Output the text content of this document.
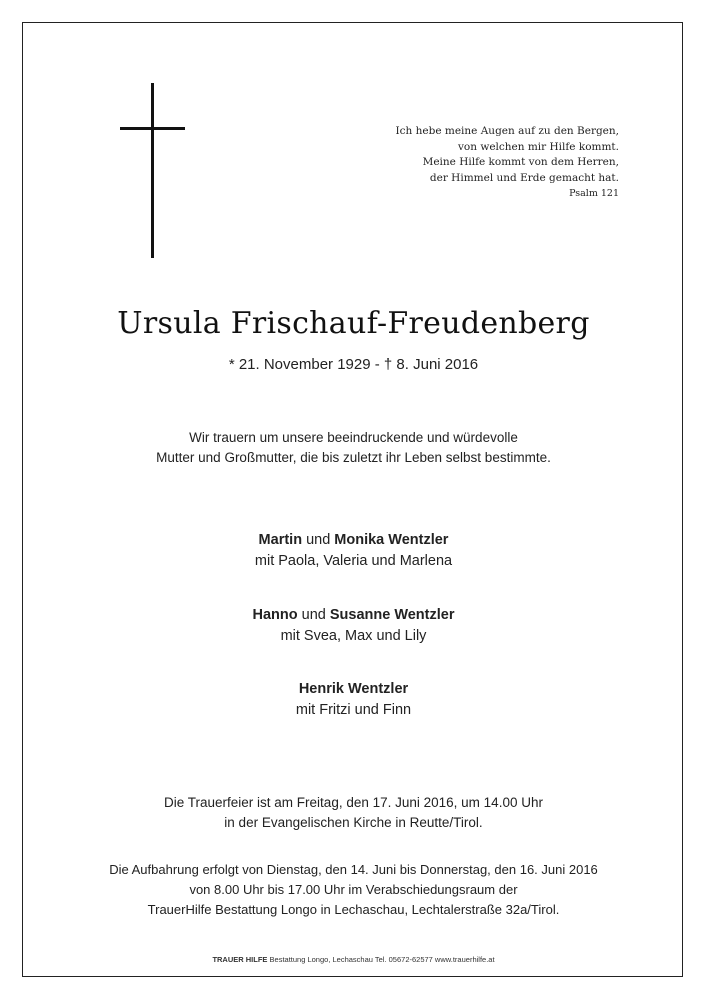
Ich hebe meine Augen auf zu den Bergen,
von welchen mir Hilfe kommt.
Meine Hilfe kommt von dem Herren,
der Himmel und Erde gemacht hat.
Psalm 121
Ursula Frischauf-Freudenberg
* 21. November 1929 - † 8. Juni 2016
Wir trauern um unsere beeindruckende und würdevolle
Mutter und Großmutter, die bis zuletzt ihr Leben selbst bestimmte.
Martin und Monika Wentzler
mit Paola, Valeria und Marlena
Hanno und Susanne Wentzler
mit Svea, Max und Lily
Henrik Wentzler
mit Fritzi und Finn
Die Trauerfeier ist am Freitag, den 17. Juni 2016, um 14.00 Uhr
in der Evangelischen Kirche in Reutte/Tirol.
Die Aufbahrung erfolgt von Dienstag, den 14. Juni bis Donnerstag, den 16. Juni 2016
von 8.00 Uhr bis 17.00 Uhr im Verabschiedungsraum der
TrauerHilfe Bestattung Longo in Lechaschau, Lechtalerstraße 32a/Tirol.
TRAUER HILFE Bestattung Longo, Lechaschau Tel. 05672-62577 www.trauerhilfe.at
